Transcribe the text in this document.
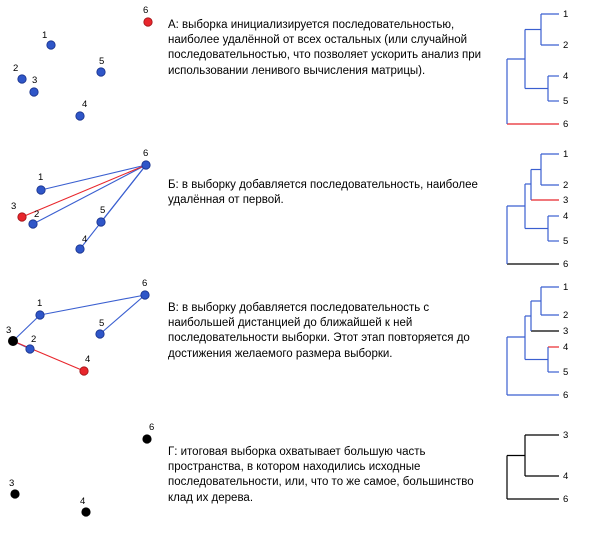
1
2
3
4
5
6
А: выборка инициализируется последовательностью, наиболее удалённой от всех остальных (или случайной последовательностью, что позволяет ускорить анализ при использовании ленивого вычисления матрицы).
1
2
4
5
6
1
2
3
4
5
6
Б: в выборку добавляется последовательность, наиболее удалённая от первой.
1
2
3
4
5
6
1
2
3
4
5
6
В: в выборку добавляется последовательность с наибольшей дистанцией до ближайшей к ней последовательности выборки. Этот этап повторяется до достижения желаемого размера выборки.
1
2
3
4
5
6
3
4
6
Г: итоговая выборка охватывает большую часть пространства, в котором находились исходные последовательности, или, что то же самое, большинство клад их дерева.
3
4
6
